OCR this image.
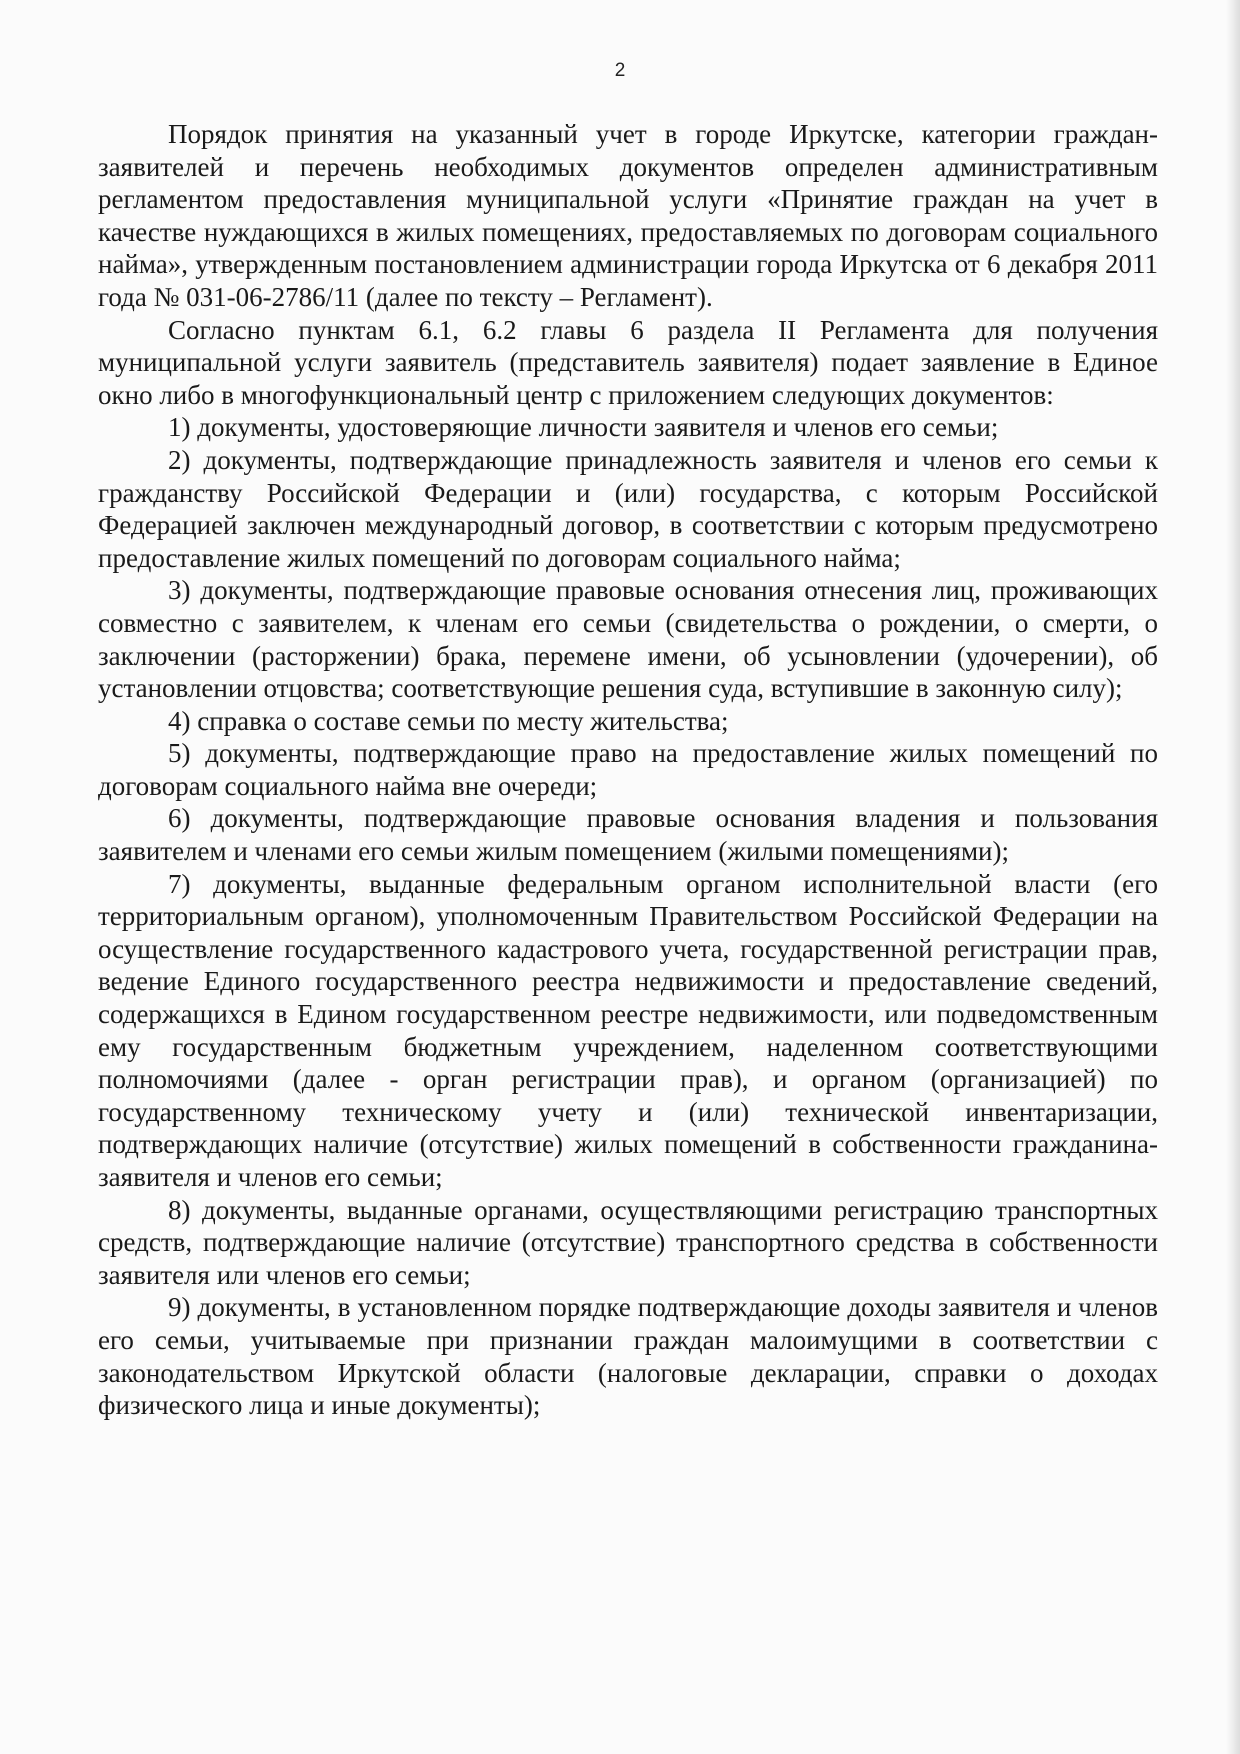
2

Порядок принятия на указанный учет в городе Иркутске, категории граждан-заявителей и перечень необходимых документов определен административным регламентом предоставления муниципальной услуги «Принятие граждан на учет в качестве нуждающихся в жилых помещениях, предоставляемых по договорам социального найма», утвержденным постановлением администрации города Иркутска от 6 декабря 2011 года № 031-06-2786/11 (далее по тексту – Регламент).

Согласно пунктам 6.1, 6.2 главы 6 раздела II Регламента для получения муниципальной услуги заявитель (представитель заявителя) подает заявление в Единое окно либо в многофункциональный центр с приложением следующих документов:

1) документы, удостоверяющие личности заявителя и членов его семьи;

2) документы, подтверждающие принадлежность заявителя и членов его семьи к гражданству Российской Федерации и (или) государства, с которым Российской Федерацией заключен международный договор, в соответствии с которым предусмотрено предоставление жилых помещений по договорам социального найма;

3) документы, подтверждающие правовые основания отнесения лиц, проживающих совместно с заявителем, к членам его семьи (свидетельства о рождении, о смерти, о заключении (расторжении) брака, перемене имени, об усыновлении (удочерении), об установлении отцовства; соответствующие решения суда, вступившие в законную силу);

4) справка о составе семьи по месту жительства;

5) документы, подтверждающие право на предоставление жилых помещений по договорам социального найма вне очереди;

6) документы, подтверждающие правовые основания владения и пользования заявителем и членами его семьи жилым помещением (жилыми помещениями);

7) документы, выданные федеральным органом исполнительной власти (его территориальным органом), уполномоченным Правительством Российской Федерации на осуществление государственного кадастрового учета, государственной регистрации прав, ведение Единого государственного реестра недвижимости и предоставление сведений, содержащихся в Едином государственном реестре недвижимости, или подведомственным ему государственным бюджетным учреждением, наделенном соответствующими полномочиями (далее - орган регистрации прав), и органом (организацией) по государственному техническому учету и (или) технической инвентаризации, подтверждающих наличие (отсутствие) жилых помещений в собственности гражданина-заявителя и членов его семьи;

8) документы, выданные органами, осуществляющими регистрацию транспортных средств, подтверждающие наличие (отсутствие) транспортного средства в собственности заявителя или членов его семьи;

9) документы, в установленном порядке подтверждающие доходы заявителя и членов его семьи, учитываемые при признании граждан малоимущими в соответствии с законодательством Иркутской области (налоговые декларации, справки о доходах физического лица и иные документы);
